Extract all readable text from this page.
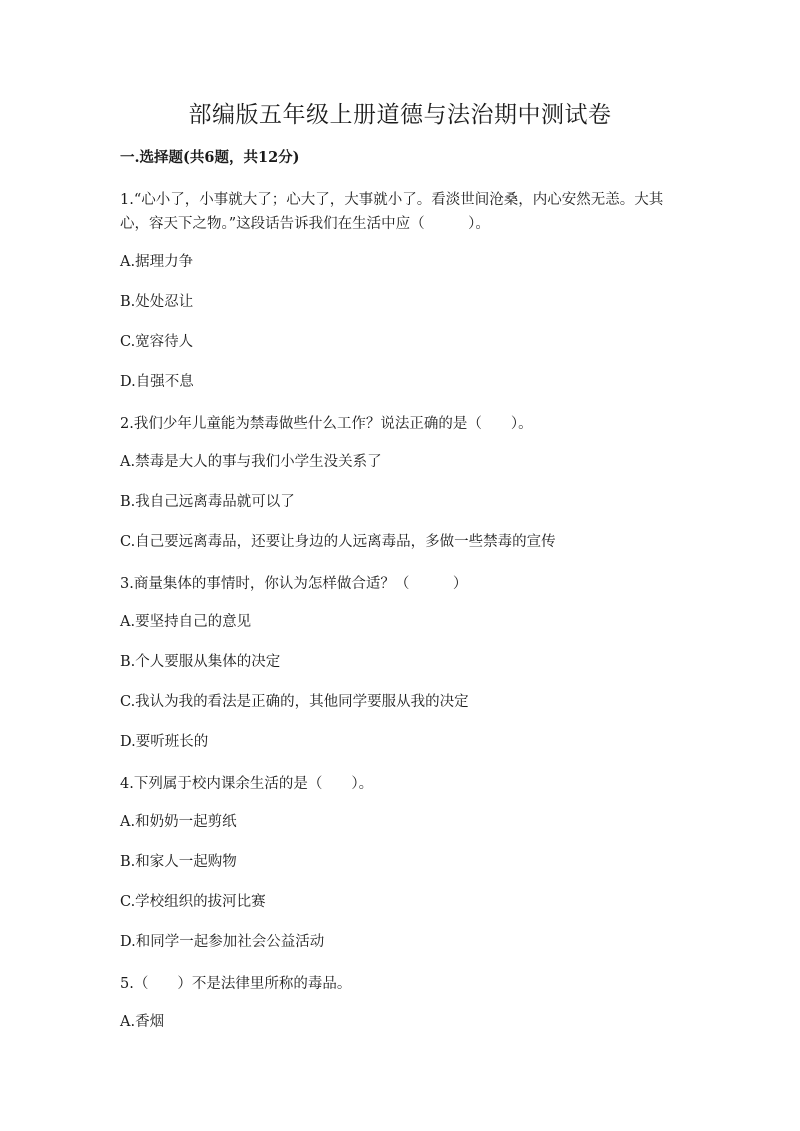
部编版五年级上册道德与法治期中测试卷
一.选择题(共6题，共12分)
1.“心小了，小事就大了；心大了，大事就小了。看淡世间沧桑，内心安然无恙。大其心，容天下之物。”这段话告诉我们在生活中应（　　　）。
A.据理力争
B.处处忍让
C.宽容待人
D.自强不息
2.我们少年儿童能为禁毒做些什么工作？说法正确的是（　　）。
A.禁毒是大人的事与我们小学生没关系了
B.我自己远离毒品就可以了
C.自己要远离毒品，还要让身边的人远离毒品，多做一些禁毒的宣传
3.商量集体的事情时，你认为怎样做合适？（　　　）
A.要坚持自己的意见
B.个人要服从集体的决定
C.我认为我的看法是正确的，其他同学要服从我的决定
D.要听班长的
4.下列属于校内课余生活的是（　　）。
A.和奶奶一起剪纸
B.和家人一起购物
C.学校组织的拔河比赛
D.和同学一起参加社会公益活动
5.（　　）不是法律里所称的毒品。
A.香烟
